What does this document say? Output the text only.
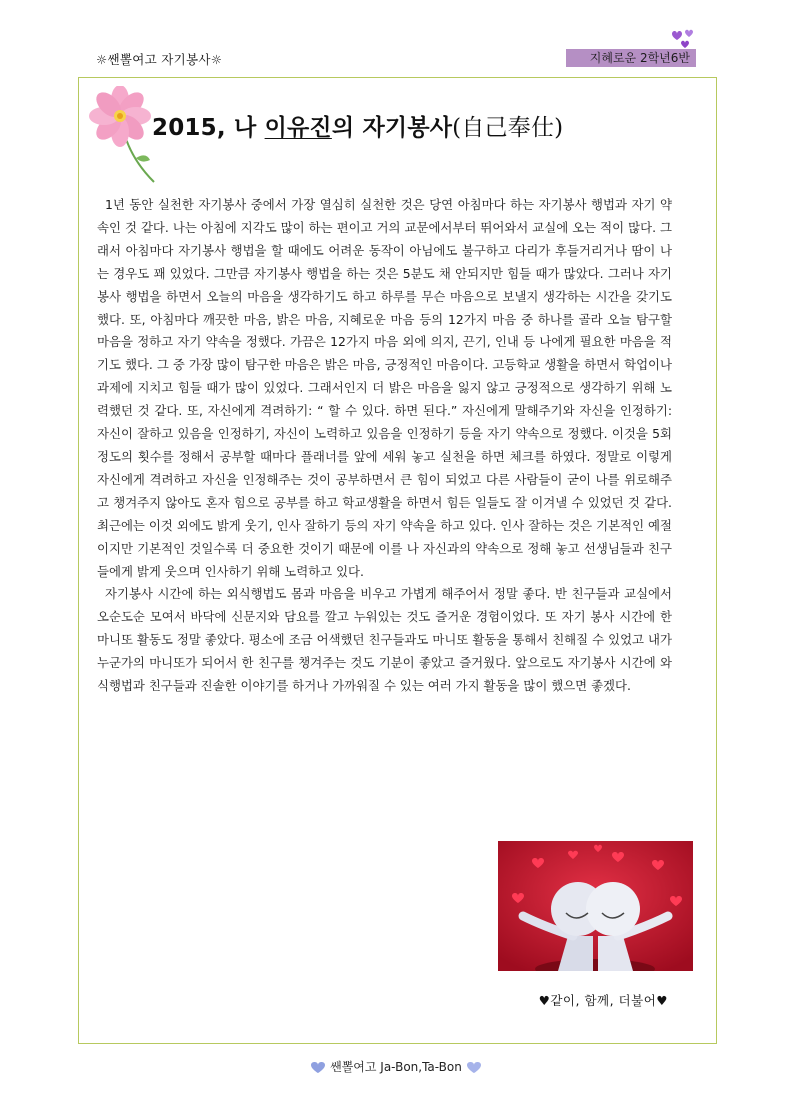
☼쌘뽈여고 자기봉사☼	지혜로운 2학년6반
2015, 나 이유진의 자기봉사(自己奉仕)

1년 동안 실천한 자기봉사 중에서 가장 열심히 실천한 것은 당연 아침마다 하는 자기봉사 행법과 자기 약속인 것 같다. 나는 아침에 지각도 많이 하는 편이고 거의 교문에서부터 뛰어와서 교실에 오는 적이 많다. 그래서 아침마다 자기봉사 행법을 할 때에도 어려운 동작이 아님에도 불구하고 다리가 후들거리거나 땀이 나는 경우도 꽤 있었다. 그만큼 자기봉사 행법을 하는 것은 5분도 채 안되지만 힘들 때가 많았다. 그러나 자기봉사 행법을 하면서 오늘의 마음을 생각하기도 하고 하루를 무슨 마음으로 보낼지 생각하는 시간을 갖기도 했다. 또, 아침마다 깨끗한 마음, 밝은 마음, 지혜로운 마음 등의 12가지 마음 중 하나를 골라 오늘 탐구할 마음을 정하고 자기 약속을 정했다. 가끔은 12가지 마음 외에 의지, 끈기, 인내 등 나에게 필요한 마음을 적기도 했다. 그 중 가장 많이 탐구한 마음은 밝은 마음, 긍정적인 마음이다. 고등학교 생활을 하면서 학업이나 과제에 지치고 힘들 때가 많이 있었다. 그래서인지 더 밝은 마음을 잃지 않고 긍정적으로 생각하기 위해 노력했던 것 같다. 또, 자신에게 격려하기: “ 할 수 있다. 하면 된다.” 자신에게 말해주기와 자신을 인정하기: 자신이 잘하고 있음을 인정하기, 자신이 노력하고 있음을 인정하기 등을 자기 약속으로 정했다. 이것을 5회 정도의 횟수를 정해서 공부할 때마다 플래너를 앞에 세워 놓고 실천을 하면 체크를 하였다. 정말로 이렇게 자신에게 격려하고 자신을 인정해주는 것이 공부하면서 큰 힘이 되었고 다른 사람들이 굳이 나를 위로해주고 챙겨주지 않아도 혼자 힘으로 공부를 하고 학교생활을 하면서 힘든 일들도 잘 이겨낼 수 있었던 것 같다. 최근에는 이것 외에도 밝게 웃기, 인사 잘하기 등의 자기 약속을 하고 있다. 인사 잘하는 것은 기본적인 예절이지만 기본적인 것일수록 더 중요한 것이기 때문에 이를 나 자신과의 약속으로 정해 놓고 선생님들과 친구들에게 밝게 웃으며 인사하기 위해 노력하고 있다.

자기봉사 시간에 하는 외식행법도 몸과 마음을 비우고 가볍게 해주어서 정말 좋다. 반 친구들과 교실에서 오순도순 모여서 바닥에 신문지와 담요를 깔고 누워있는 것도 즐거운 경험이었다. 또 자기 봉사 시간에 한 마니또 활동도 정말 좋았다. 평소에 조금 어색했던 친구들과도 마니또 활동을 통해서 친해질 수 있었고 내가 누군가의 마니또가 되어서 한 친구를 챙겨주는 것도 기분이 좋았고 즐거웠다. 앞으로도 자기봉사 시간에 와식행법과 친구들과 진솔한 이야기를 하거나 가까워질 수 있는 여러 가지 활동을 많이 했으면 좋겠다.

♥같이, 함께, 더불어♥
쌘뽈여고 Ja-Bon,Ta-Bon
